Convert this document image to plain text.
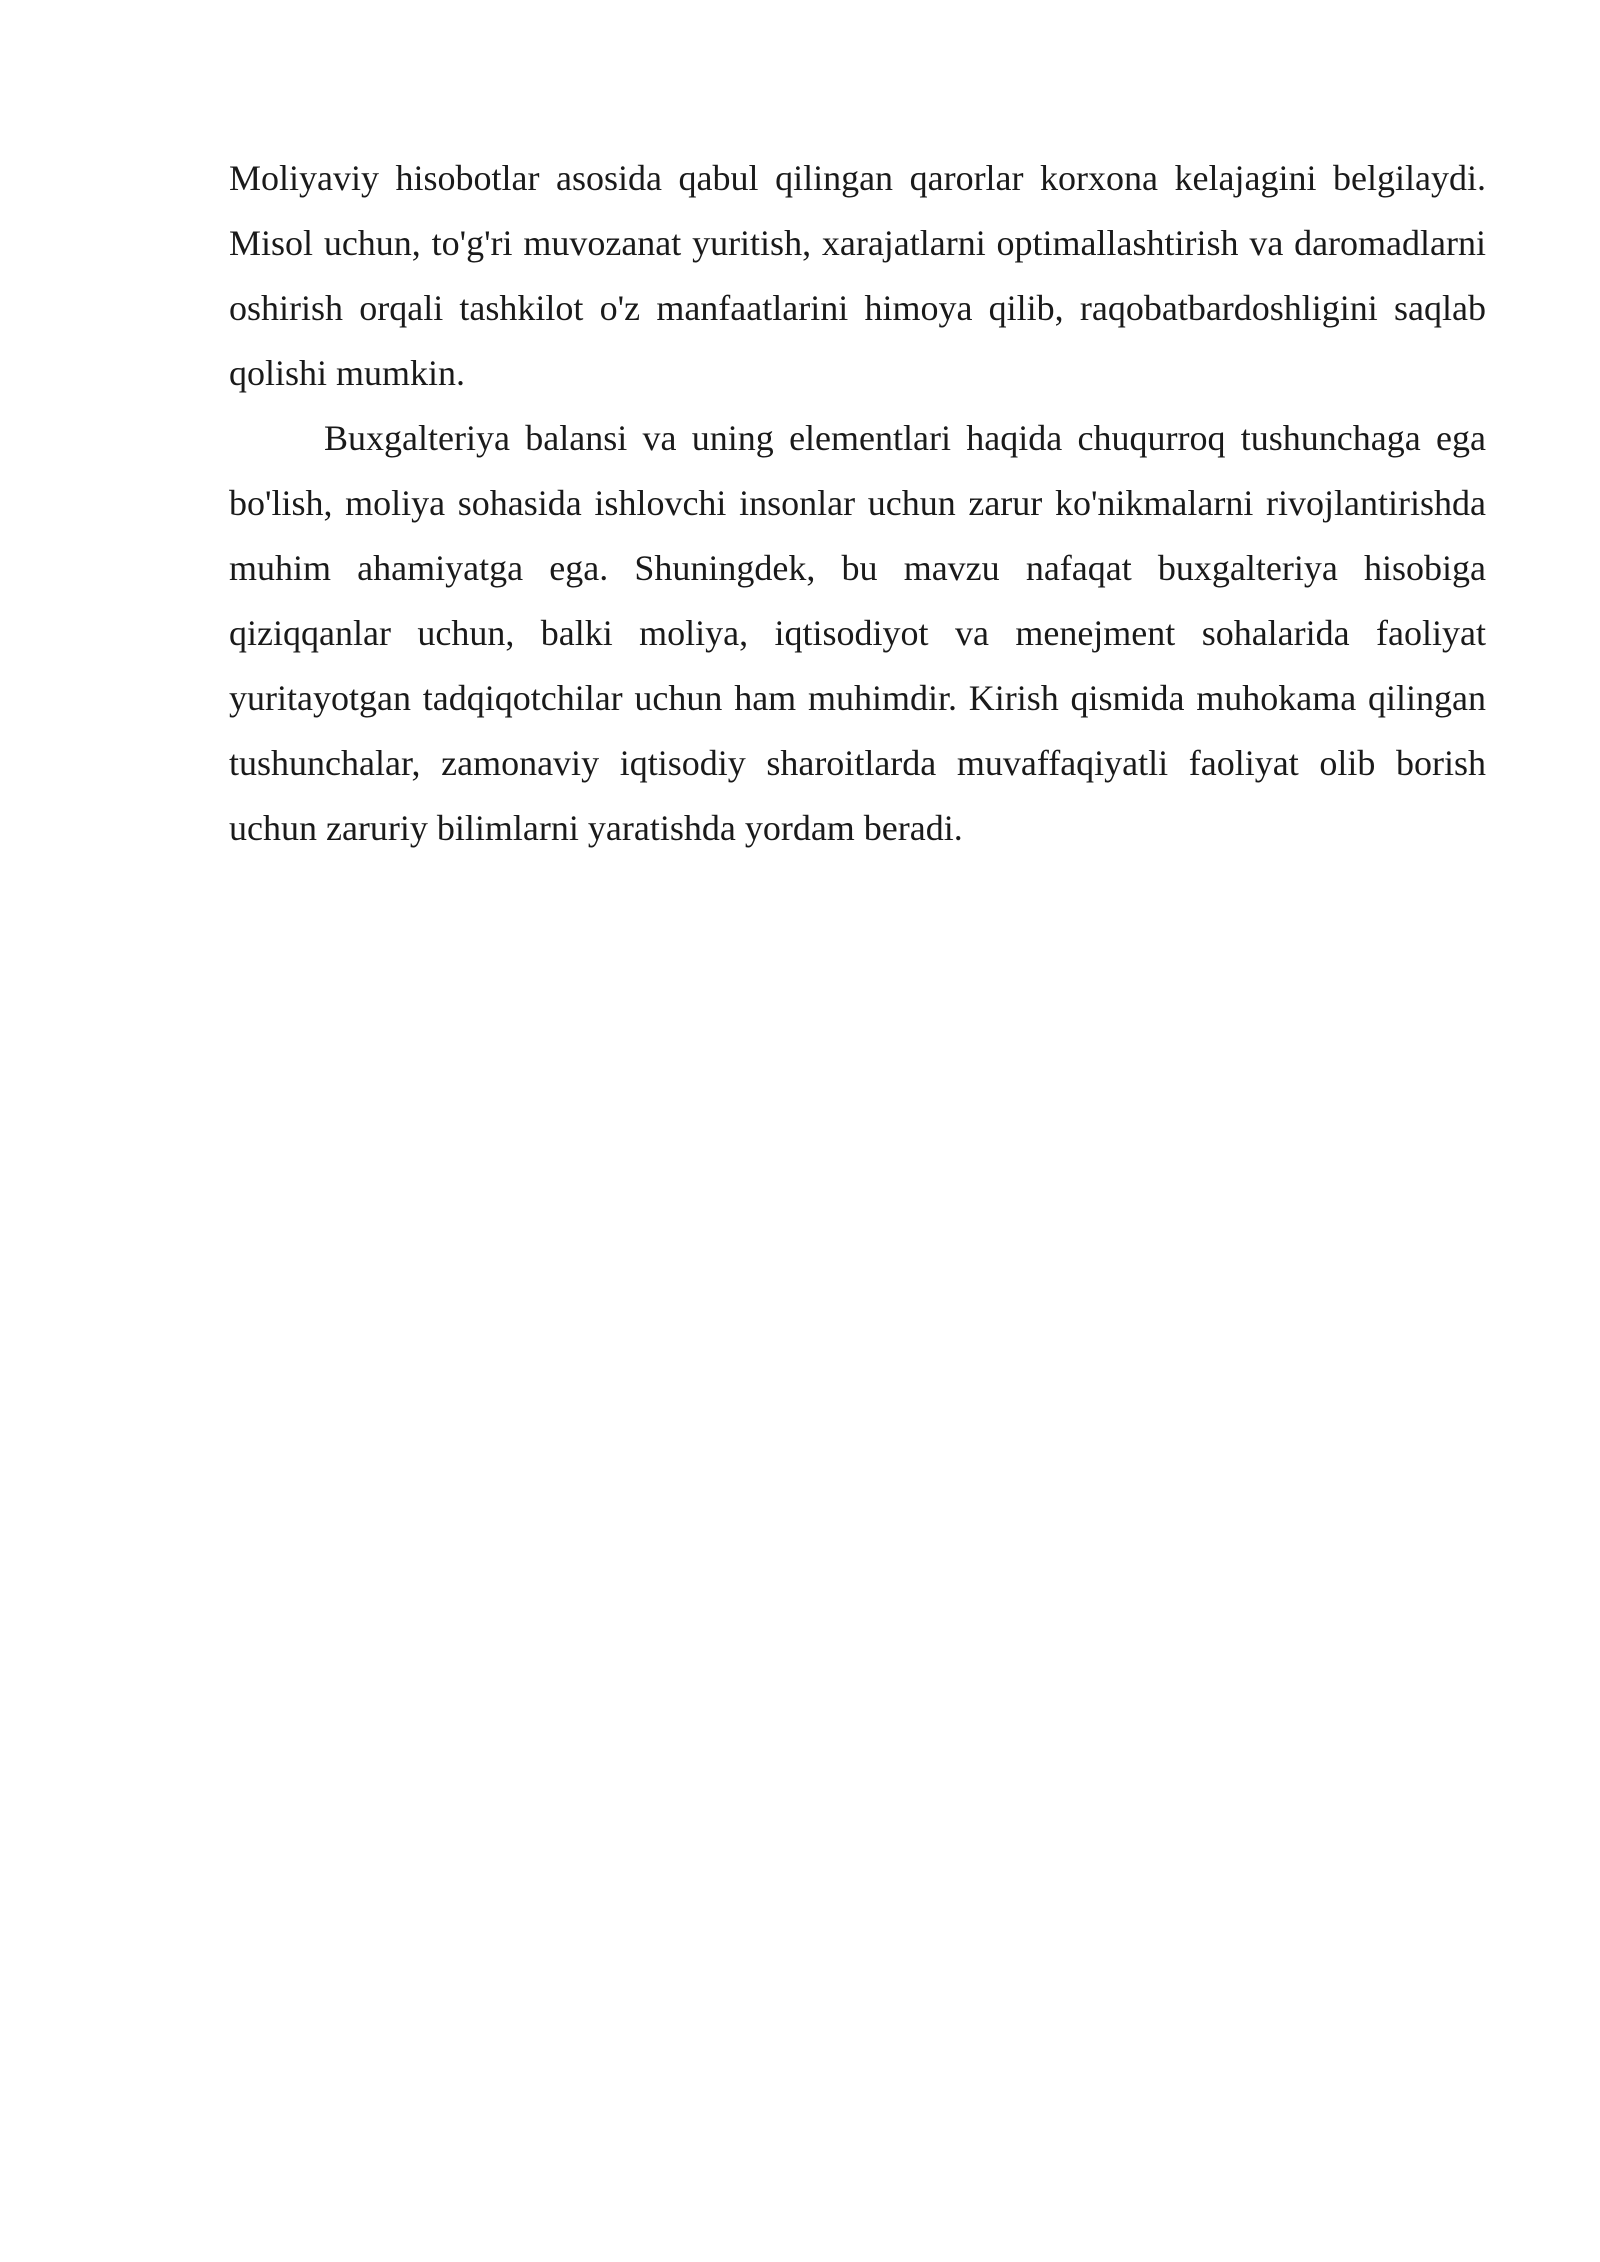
Moliyaviy hisobotlar asosida qabul qilingan qarorlar korxona kelajagini belgilaydi. Misol uchun, to'g'ri muvozanat yuritish, xarajatlarni optimallashtirish va daromadlarni oshirish orqali tashkilot o'z manfaatlarini himoya qilib, raqobatbardoshligini saqlab qolishi mumkin.

Buxgalteriya balansi va uning elementlari haqida chuqurroq tushunchaga ega bo'lish, moliya sohasida ishlovchi insonlar uchun zarur ko'nikmalarni rivojlantirishda muhim ahamiyatga ega. Shuningdek, bu mavzu nafaqat buxgalteriya hisobiga qiziqqanlar uchun, balki moliya, iqtisodiyot va menejment sohalarida faoliyat yuritayotgan tadqiqotchilar uchun ham muhimdir. Kirish qismida muhokama qilingan tushunchalar, zamonaviy iqtisodiy sharoitlarda muvaffaqiyatli faoliyat olib borish uchun zaruriy bilimlarni yaratishda yordam beradi.
